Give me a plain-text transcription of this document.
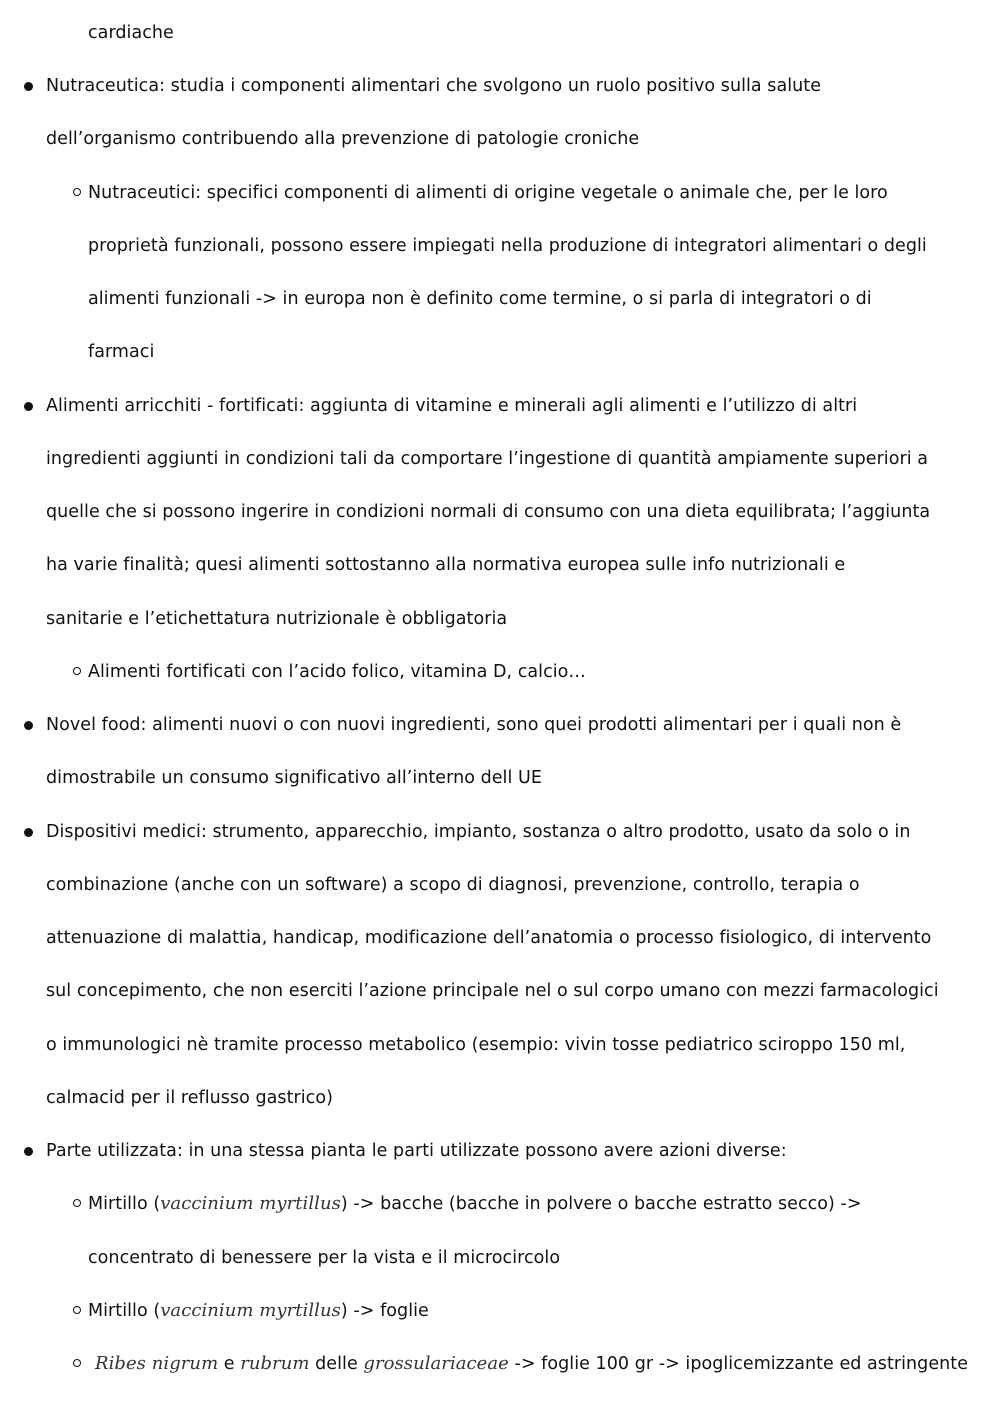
cardiache
Nutraceutica: studia i componenti alimentari che svolgono un ruolo positivo sulla salute
dell’organismo contribuendo alla prevenzione di patologie croniche
Nutraceutici: specifici componenti di alimenti di origine vegetale o animale che, per le loro
proprietà funzionali, possono essere impiegati nella produzione di integratori alimentari o degli
alimenti funzionali -> in europa non è definito come termine, o si parla di integratori o di
farmaci
Alimenti arricchiti - fortificati: aggiunta di vitamine e minerali agli alimenti e l’utilizzo di altri
ingredienti aggiunti in condizioni tali da comportare l’ingestione di quantità ampiamente superiori a
quelle che si possono ingerire in condizioni normali di consumo con una dieta equilibrata; l’aggiunta
ha varie finalità; quesi alimenti sottostanno alla normativa europea sulle info nutrizionali e
sanitarie e l’etichettatura nutrizionale è obbligatoria
Alimenti fortificati con l’acido folico, vitamina D, calcio…
Novel food: alimenti nuovi o con nuovi ingredienti, sono quei prodotti alimentari per i quali non è
dimostrabile un consumo significativo all’interno dell UE
Dispositivi medici: strumento, apparecchio, impianto, sostanza o altro prodotto, usato da solo o in
combinazione (anche con un software) a scopo di diagnosi, prevenzione, controllo, terapia o
attenuazione di malattia, handicap, modificazione dell’anatomia o processo fisiologico, di intervento
sul concepimento, che non eserciti l’azione principale nel o sul corpo umano con mezzi farmacologici
o immunologici nè tramite processo metabolico (esempio: vivin tosse pediatrico sciroppo 150 ml,
calmacid per il reflusso gastrico)
Parte utilizzata: in una stessa pianta le parti utilizzate possono avere azioni diverse:
Mirtillo (vaccinium myrtillus) -> bacche (bacche in polvere o bacche estratto secco) ->
concentrato di benessere per la vista e il microcircolo
Mirtillo (vaccinium myrtillus) -> foglie
Ribes nigrum e rubrum delle grossulariaceae -> foglie 100 gr -> ipoglicemizzante ed astringente
